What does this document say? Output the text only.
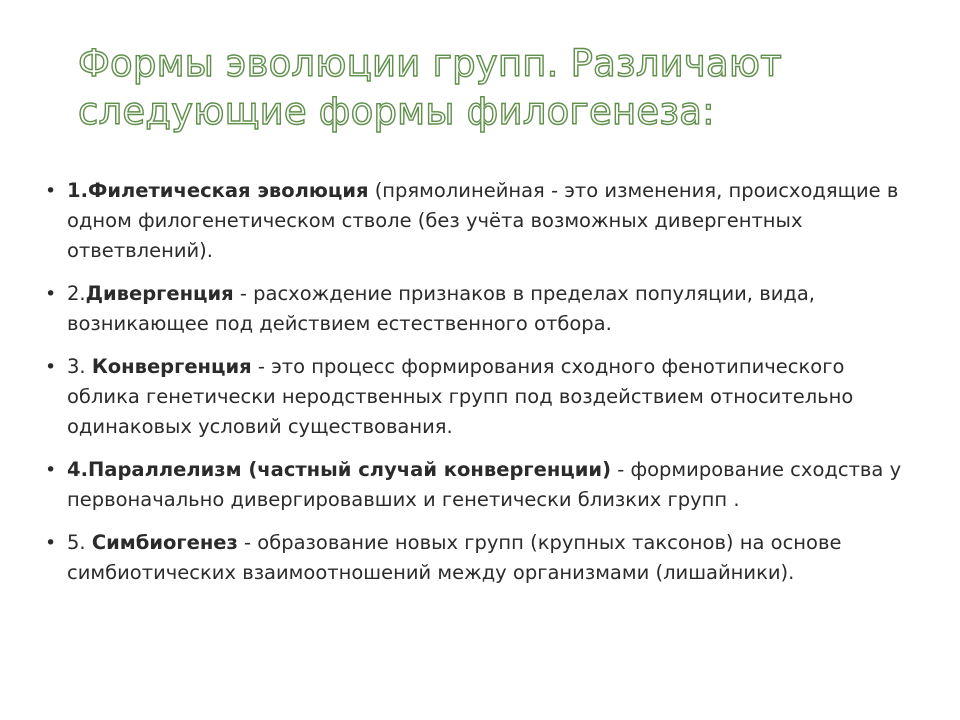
Формы эволюции групп. Различают
следующие формы филогенеза:
• 1.Филетическая эволюция (прямолинейная - это изменения, происходящие в одном филогенетическом стволе (без учёта возможных дивергентных ответвлений).
• 2.Дивергенция - расхождение признаков в пределах популяции, вида, возникающее под действием естественного отбора.
• 3. Конвергенция - это процесс формирования сходного фенотипического облика генетически неродственных групп под воздействием относительно одинаковых условий существования.
• 4.Параллелизм (частный случай конвергенции) - формирование сходства у первоначально дивергировавших и генетически близких групп .
• 5. Симбиогенез - образование новых групп (крупных таксонов) на основе симбиотических взаимоотношений между организмами (лишайники).
